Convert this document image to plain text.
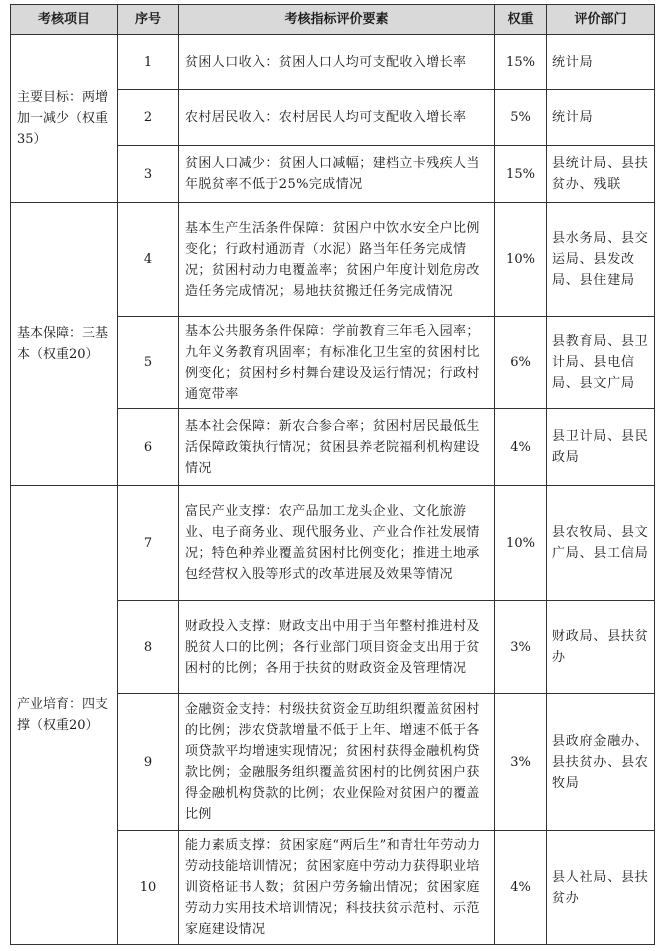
考核项目	序号	考核指标评价要素	权重	评价部门
主要目标：两增加一减少（权重35）	1	贫困人口收入：贫困人口人均可支配收入增长率	15%	统计局
	2	农村居民收入：农村居民人均可支配收入增长率	5%	统计局
	3	贫困人口减少：贫困人口减幅；建档立卡残疾人当年脱贫率不低于25%完成情况	15%	县统计局、县扶贫办、残联
基本保障：三基本（权重20）	4	基本生产生活条件保障：贫困户中饮水安全户比例变化；行政村通沥青（水泥）路当年任务完成情况；贫困村动力电覆盖率；贫困户年度计划危房改造任务完成情况；易地扶贫搬迁任务完成情况	10%	县水务局、县交运局、县发改局、县住建局
	5	基本公共服务条件保障：学前教育三年毛入园率；九年义务教育巩固率；有标准化卫生室的贫困村比例变化；贫困村乡村舞台建设及运行情况；行政村通宽带率	6%	县教育局、县卫计局、县电信局、县文广局
	6	基本社会保障：新农合参合率；贫困村居民最低生活保障政策执行情况；贫困县养老院福利机构建设情况	4%	县卫计局、县民政局
产业培育：四支撑（权重20）	7	富民产业支撑：农产品加工龙头企业、文化旅游业、电子商务业、现代服务业、产业合作社发展情况；特色种养业覆盖贫困村比例变化；推进土地承包经营权入股等形式的改革进展及效果等情况	10%	县农牧局、县文广局、县工信局
	8	财政投入支撑：财政支出中用于当年整村推进村及脱贫人口的比例；各行业部门项目资金支出用于贫困村的比例；各用于扶贫的财政资金及管理情况	3%	财政局、县扶贫办
	9	金融资金支持：村级扶贫资金互助组织覆盖贫困村的比例；涉农贷款增量不低于上年、增速不低于各项贷款平均增速实现情况；贫困村获得金融机构贷款比例；金融服务组织覆盖贫困村的比例贫困户获得金融机构贷款的比例；农业保险对贫困户的覆盖比例	3%	县政府金融办、县扶贫办、县农牧局
	10	能力素质支撑：贫困家庭“两后生”和青壮年劳动力劳动技能培训情况；贫困家庭中劳动力获得职业培训资格证书人数；贫困户劳务输出情况；贫困家庭劳动力实用技术培训情况；科技扶贫示范村、示范家庭建设情况	4%	县人社局、县扶贫办
